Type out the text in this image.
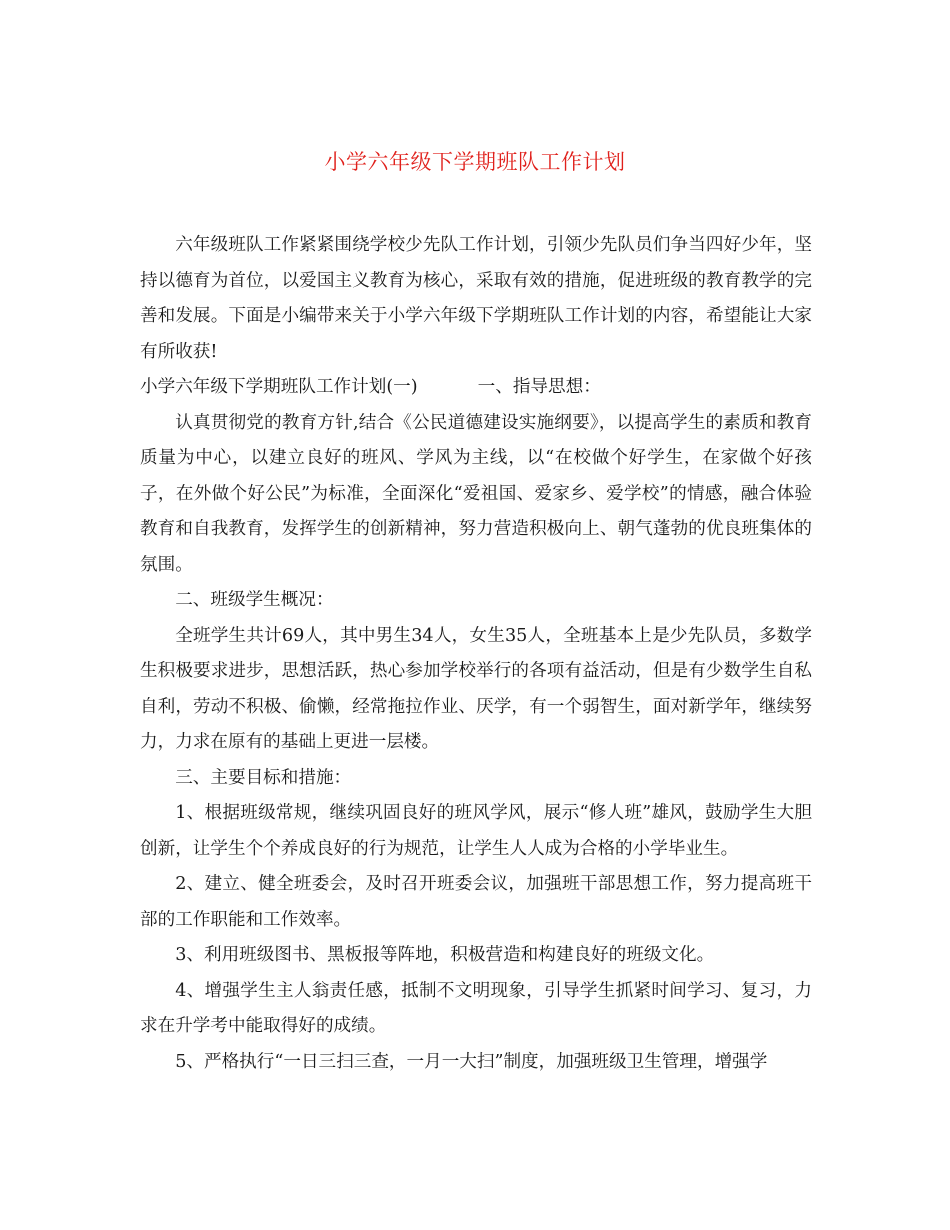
小学六年级下学期班队工作计划

六年级班队工作紧紧围绕学校少先队工作计划，引领少先队员们争当四好少年，坚持以德育为首位，以爱国主义教育为核心，采取有效的措施，促进班级的教育教学的完善和发展。下面是小编带来关于小学六年级下学期班队工作计划的内容，希望能让大家有所收获!

小学六年级下学期班队工作计划(一)	一、指导思想：

认真贯彻党的教育方针,结合《公民道德建设实施纲要》，以提高学生的素质和教育质量为中心，以建立良好的班风、学风为主线，以“在校做个好学生，在家做个好孩子，在外做个好公民”为标准，全面深化“爱祖国、爱家乡、爱学校”的情感，融合体验教育和自我教育，发挥学生的创新精神，努力营造积极向上、朝气蓬勃的优良班集体的氛围。

二、班级学生概况：

全班学生共计69人，其中男生34人，女生35人，全班基本上是少先队员，多数学生积极要求进步，思想活跃，热心参加学校举行的各项有益活动，但是有少数学生自私自利，劳动不积极、偷懒，经常拖拉作业、厌学，有一个弱智生，面对新学年，继续努力，力求在原有的基础上更进一层楼。

三、主要目标和措施：

1、根据班级常规，继续巩固良好的班风学风，展示“修人班”雄风，鼓励学生大胆创新，让学生个个养成良好的行为规范，让学生人人成为合格的小学毕业生。

2、建立、健全班委会，及时召开班委会议，加强班干部思想工作，努力提高班干部的工作职能和工作效率。

3、利用班级图书、黑板报等阵地，积极营造和构建良好的班级文化。

4、增强学生主人翁责任感，抵制不文明现象，引导学生抓紧时间学习、复习，力求在升学考中能取得好的成绩。

5、严格执行“一日三扫三查，一月一大扫”制度，加强班级卫生管理，增强学
